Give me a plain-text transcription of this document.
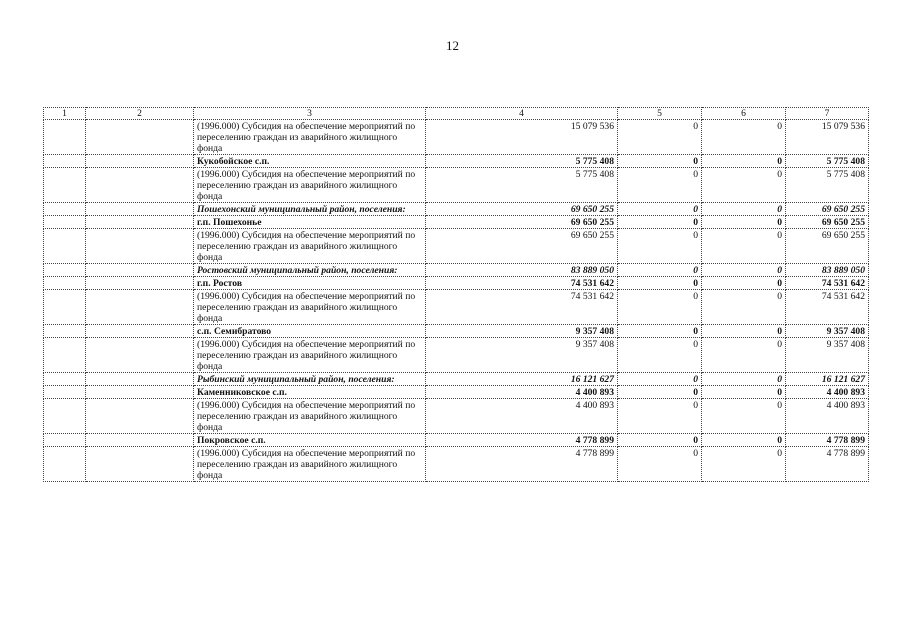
12
1	2	3	4	5	6	7
		(1996.000) Субсидия на обеспечение мероприятий по переселению граждан из аварийного жилищного фонда	15 079 536	0	0	15 079 536
		Кукобойское с.п.	5 775 408	0	0	5 775 408
		(1996.000) Субсидия на обеспечение мероприятий по переселению граждан из аварийного жилищного фонда	5 775 408	0	0	5 775 408
		Пошехонский муниципальный район, поселения:	69 650 255	0	0	69 650 255
		г.п. Пошехонье	69 650 255	0	0	69 650 255
		(1996.000) Субсидия на обеспечение мероприятий по переселению граждан из аварийного жилищного фонда	69 650 255	0	0	69 650 255
		Ростовский муниципальный район, поселения:	83 889 050	0	0	83 889 050
		г.п. Ростов	74 531 642	0	0	74 531 642
		(1996.000) Субсидия на обеспечение мероприятий по переселению граждан из аварийного жилищного фонда	74 531 642	0	0	74 531 642
		с.п. Семибратово	9 357 408	0	0	9 357 408
		(1996.000) Субсидия на обеспечение мероприятий по переселению граждан из аварийного жилищного фонда	9 357 408	0	0	9 357 408
		Рыбинский муниципальный район, поселения:	16 121 627	0	0	16 121 627
		Каменниковское с.п.	4 400 893	0	0	4 400 893
		(1996.000) Субсидия на обеспечение мероприятий по переселению граждан из аварийного жилищного фонда	4 400 893	0	0	4 400 893
		Покровское с.п.	4 778 899	0	0	4 778 899
		(1996.000) Субсидия на обеспечение мероприятий по переселению граждан из аварийного жилищного фонда	4 778 899	0	0	4 778 899
